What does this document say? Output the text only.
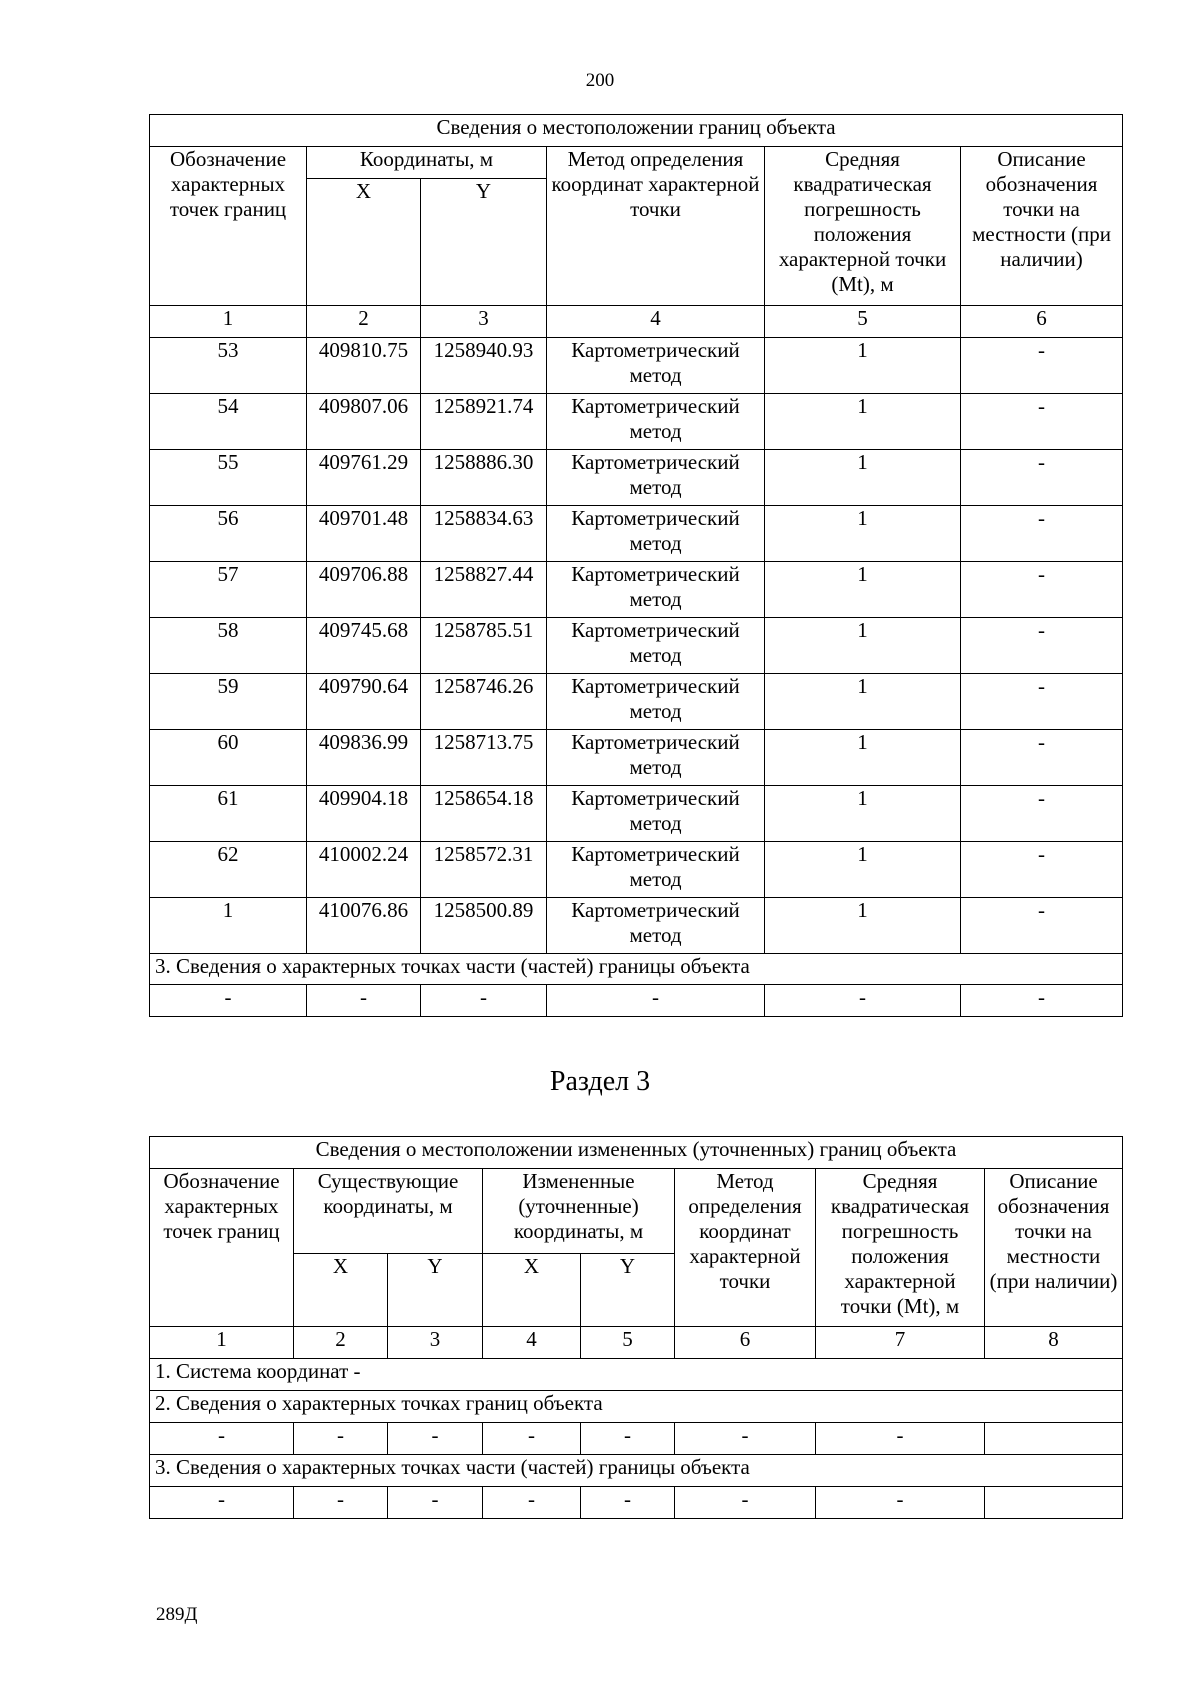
200
Сведения о местоположении границ объекта					
Обозначение характерных точек границ	Координаты, м		Метод определения координат характерной точки	Средняя квадратическая погрешность положения характерной точки (Mt), м	Описание обозначения точки на местности (при наличии)
	X	Y			
1	2	3	4	5	6
53	409810.75	1258940.93	Картометрический метод	1	-
54	409807.06	1258921.74	Картометрический метод	1	-
55	409761.29	1258886.30	Картометрический метод	1	-
56	409701.48	1258834.63	Картометрический метод	1	-
57	409706.88	1258827.44	Картометрический метод	1	-
58	409745.68	1258785.51	Картометрический метод	1	-
59	409790.64	1258746.26	Картометрический метод	1	-
60	409836.99	1258713.75	Картометрический метод	1	-
61	409904.18	1258654.18	Картометрический метод	1	-
62	410002.24	1258572.31	Картометрический метод	1	-
1	410076.86	1258500.89	Картометрический метод	1	-
3. Сведения о характерных точках части (частей) границы объекта					
-	-	-	-	-	-
Раздел 3
Сведения о местоположении измененных (уточненных) границ объекта							
Обозначение характерных точек границ	Существующие координаты, м		Измененные (уточненные) координаты, м		Метод определения координат характерной точки	Средняя квадратическая погрешность положения характерной точки (Mt), м	Описание обозначения точки на местности (при наличии)
	X	Y	X	Y			
1	2	3	4	5	6	7	8
1. Система координат -							
2. Сведения о характерных точках границ объекта							
-	-	-	-	-	-	-	
3. Сведения о характерных точках части (частей) границы объекта							
-	-	-	-	-	-	-	
289Д
